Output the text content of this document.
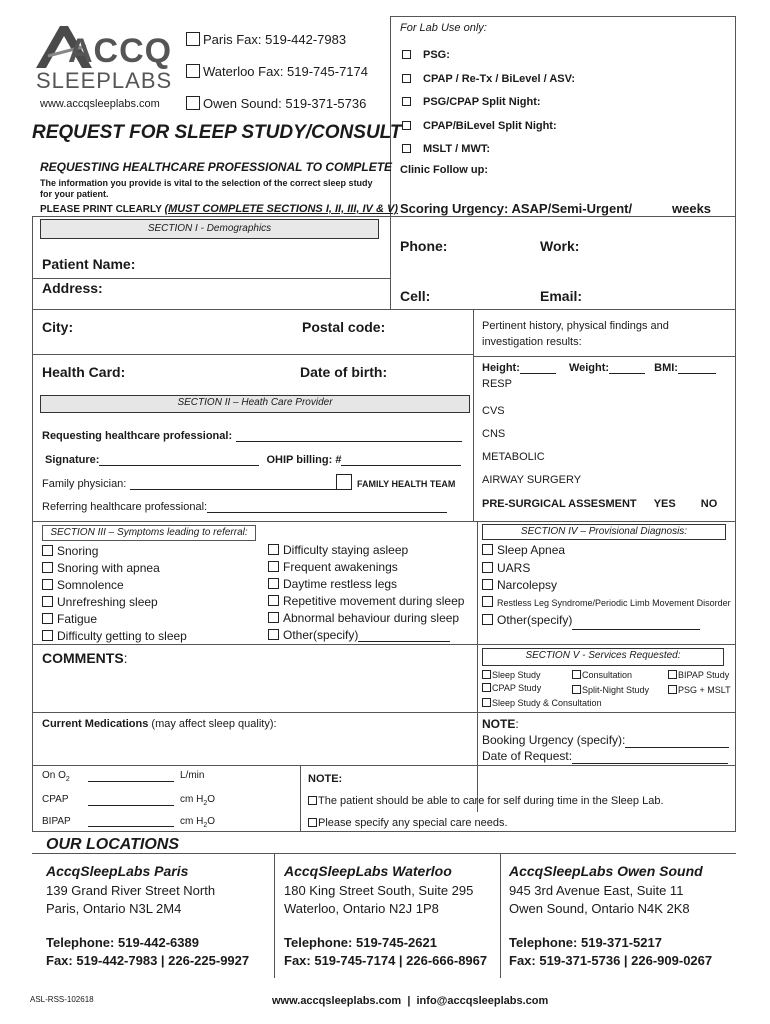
ACCQ
SLEEPLABS
www.accqsleeplabs.com
Paris Fax: 519-442-7983
Waterloo Fax: 519-745-7174
Owen Sound: 519-371-5736
REQUEST FOR SLEEP STUDY/CONSULT
For Lab Use only:
PSG:
CPAP / Re-Tx / BiLevel / ASV:
PSG/CPAP Split Night:
CPAP/BiLevel Split Night:
MSLT / MWT:
Clinic Follow up:
Scoring Urgency: ASAP/Semi-Urgent/	weeks
REQUESTING HEALTHCARE PROFESSIONAL TO COMPLETE
The information you provide is vital to the selection of the correct sleep study for your patient.
PLEASE PRINT CLEARLY (MUST COMPLETE SECTIONS I, II, III, IV & V)
SECTION I - Demographics
Phone:	Work:
Patient Name:
Address:	Cell:	Email:
City:	Postal code:
Health Card:	Date of birth:
Pertinent history, physical findings and investigation results:
Height:	Weight:	BMI:
RESP
CVS
CNS
METABOLIC
AIRWAY SURGERY
PRE-SURGICAL ASSESMENT YES NO
SECTION II – Heath Care Provider
Requesting healthcare professional:
Signature:	OHIP billing: #
Family physician:	FAMILY HEALTH TEAM
Referring healthcare professional:
SECTION III – Symptoms leading to referral:
Snoring
Snoring with apnea
Somnolence
Unrefreshing sleep
Fatigue
Difficulty getting to sleep
Difficulty staying asleep
Frequent awakenings
Daytime restless legs
Repetitive movement during sleep
Abnormal behaviour during sleep
Other(specify)
SECTION IV – Provisional Diagnosis:
Sleep Apnea
UARS
Narcolepsy
Restless Leg Syndrome/Periodic Limb Movement Disorder
Other(specify)
COMMENTS:	SECTION V - Services Requested:
Sleep Study	Consultation	BIPAP Study
CPAP Study	Split-Night Study	PSG + MSLT
Sleep Study & Consultation
Current Medications (may affect sleep quality):	NOTE:
Booking Urgency (specify):
Date of Request:
On $O_2$	L/min
CPAP	cm $H_2O$
BIPAP	cm $H_2O$
NOTE:
The patient should be able to care for self during time in the Sleep Lab.
Please specify any special care needs.
OUR LOCATIONS
AccqSleepLabs Paris
139 Grand River Street North
Paris, Ontario N3L 2M4
Telephone: 519-442-6389
Fax: 519-442-7983 | 226-225-9927
AccqSleepLabs Waterloo
180 King Street South, Suite 295
Waterloo, Ontario N2J 1P8
Telephone: 519-745-2621
Fax: 519-745-7174 | 226-666-8967
AccqSleepLabs Owen Sound
945 3rd Avenue East, Suite 11
Owen Sound, Ontario N4K 2K8
Telephone: 519-371-5217
Fax: 519-371-5736 | 226-909-0267
ASL-RSS-102618	www.accqsleeplabs.com  |  info@accqsleeplabs.com
